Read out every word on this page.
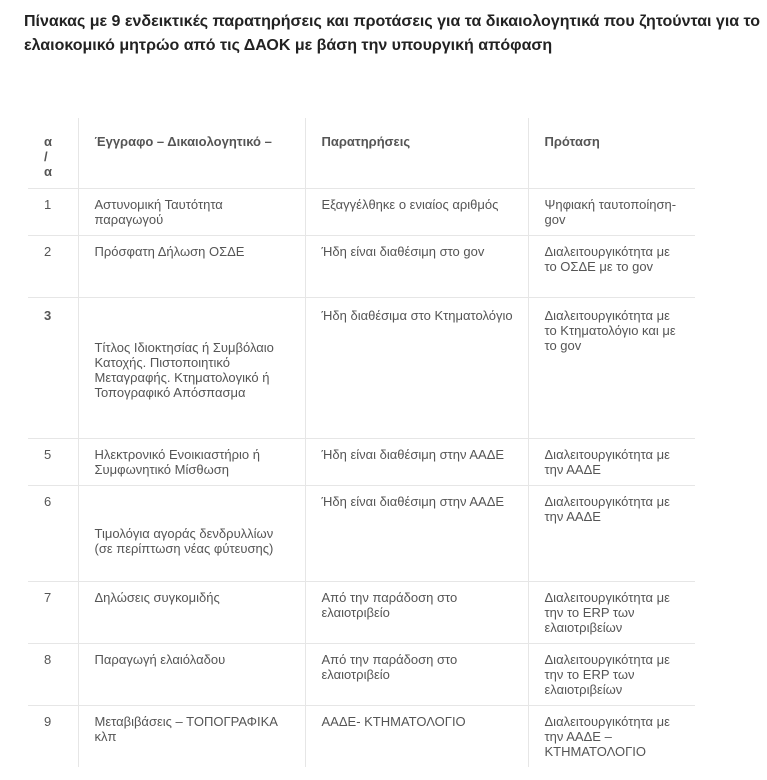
Πίνακας με 9 ενδεικτικές παρατηρήσεις και προτάσεις για τα δικαιολογητικά που ζητούνται για το ελαιοκομικό μητρώο από τις ΔΑΟΚ με βάση την υπουργική απόφαση
α / α	Έγγραφο – Δικαιολογητικό –	Παρατηρήσεις	Πρόταση

1	Αστυνομική Ταυτότητα παραγωγού	Εξαγγέλθηκε ο ενιαίος αριθμός	Ψηφιακή ταυτοποίηση- gov

2	Πρόσφατη Δήλωση ΟΣΔΕ	Ήδη είναι διαθέσιμη στο gov	Διαλειτουργικότητα με το ΟΣΔΕ με το gov

3	Τίτλος Ιδιοκτησίας ή Συμβόλαιο Κατοχής. Πιστοποιητικό Μεταγραφής. Κτηματολογικό ή Τοπογραφικό Απόσπασμα	Ήδη διαθέσιμα στο Κτηματολόγιο	Διαλειτουργικότητα με το Κτηματολόγιο και με το gov

5	Ηλεκτρονικό Ενοικιαστήριο ή Συμφωνητικό Μίσθωση	Ήδη είναι διαθέσιμη στην ΑΑΔΕ	Διαλειτουργικότητα με την ΑΑΔΕ

6	Τιμολόγια αγοράς δενδρυλλίων (σε περίπτωση νέας φύτευσης)	Ήδη είναι διαθέσιμη στην ΑΑΔΕ	Διαλειτουργικότητα με την ΑΑΔΕ

7	Δηλώσεις συγκομιδής	Από την παράδοση στο ελαιοτριβείο	Διαλειτουργικότητα με την το ERP των ελαιοτριβείων

8	Παραγωγή ελαιόλαδου	Από την παράδοση στο ελαιοτριβείο	Διαλειτουργικότητα με την το ERP των ελαιοτριβείων

9	Μεταβιβάσεις – ΤΟΠΟΓΡΑΦΙΚΑ κλπ	ΑΑΔΕ- ΚΤΗΜΑΤΟΛΟΓΙΟ	Διαλειτουργικότητα με την ΑΑΔΕ – ΚΤΗΜΑΤΟΛΟΓΙΟ
